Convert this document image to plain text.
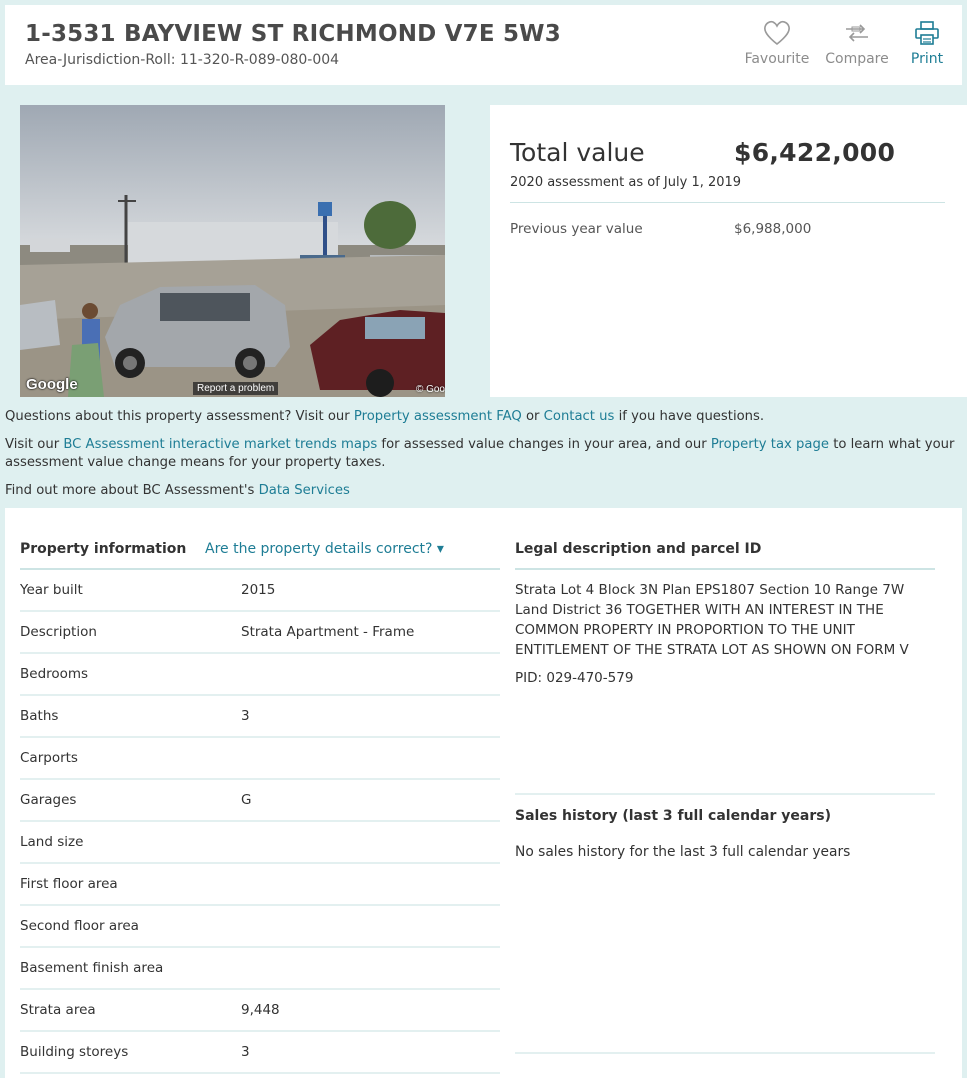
1-3531 BAYVIEW ST RICHMOND V7E 5W3
Area-Jurisdiction-Roll: 11-320-R-089-080-004	Favourite Compare Print
Google	Report a problem	© Goo
Total value	$6,422,000
2020 assessment as of July 1, 2019
Previous year value	$6,988,000

Questions about this property assessment? Visit our Property assessment FAQ or Contact us if you have questions.

Visit our BC Assessment interactive market trends maps for assessed value changes in your area, and our Property tax page to learn what your assessment value change means for your property taxes.

Find out more about BC Assessment's Data Services

Property information	Are the property details correct? ▾
Year built	2015
Description	Strata Apartment - Frame
Bedrooms
Baths	3
Carports
Garages	G
Land size
First floor area
Second floor area
Basement finish area
Strata area	9,448
Building storeys	3
Legal description and parcel ID
Strata Lot 4 Block 3N Plan EPS1807 Section 10 Range 7W Land District 36 TOGETHER WITH AN INTEREST IN THE COMMON PROPERTY IN PROPORTION TO THE UNIT ENTITLEMENT OF THE STRATA LOT AS SHOWN ON FORM V
PID: 029-470-579
Sales history (last 3 full calendar years)
No sales history for the last 3 full calendar years
